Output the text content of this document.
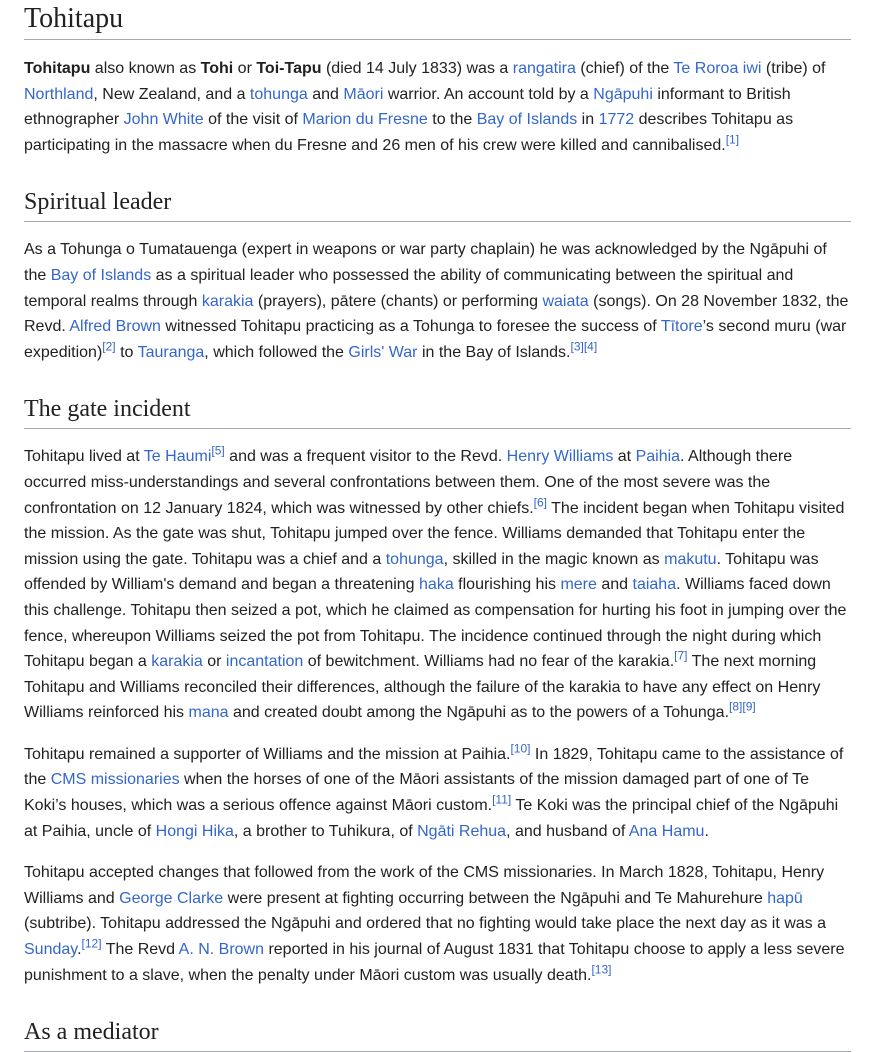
Tohitapu

Tohitapu also known as Tohi or Toi-Tapu (died 14 July 1833) was a rangatira (chief) of the Te Roroa iwi (tribe) of Northland, New Zealand, and a tohunga and Māori warrior. An account told by a Ngāpuhi informant to British ethnographer John White of the visit of Marion du Fresne to the Bay of Islands in 1772 describes Tohitapu as participating in the massacre when du Fresne and 26 men of his crew were killed and cannibalised.[1]

Spiritual leader

As a Tohunga o Tumatauenga (expert in weapons or war party chaplain) he was acknowledged by the Ngāpuhi of the Bay of Islands as a spiritual leader who possessed the ability of communicating between the spiritual and temporal realms through karakia (prayers), pātere (chants) or performing waiata (songs). On 28 November 1832, the Revd. Alfred Brown witnessed Tohitapu practicing as a Tohunga to foresee the success of Tītore’s second muru (war expedition)[2] to Tauranga, which followed the Girls' War in the Bay of Islands.[3][4]

The gate incident

Tohitapu lived at Te Haumi[5] and was a frequent visitor to the Revd. Henry Williams at Paihia. Although there occurred miss-understandings and several confrontations between them. One of the most severe was the confrontation on 12 January 1824, which was witnessed by other chiefs.[6] The incident began when Tohitapu visited the mission. As the gate was shut, Tohitapu jumped over the fence. Williams demanded that Tohitapu enter the mission using the gate. Tohitapu was a chief and a tohunga, skilled in the magic known as makutu. Tohitapu was offended by William's demand and began a threatening haka flourishing his mere and taiaha. Williams faced down this challenge. Tohitapu then seized a pot, which he claimed as compensation for hurting his foot in jumping over the fence, whereupon Williams seized the pot from Tohitapu. The incidence continued through the night during which Tohitapu began a karakia or incantation of bewitchment. Williams had no fear of the karakia.[7] The next morning Tohitapu and Williams reconciled their differences, although the failure of the karakia to have any effect on Henry Williams reinforced his mana and created doubt among the Ngāpuhi as to the powers of a Tohunga.[8][9]

Tohitapu remained a supporter of Williams and the mission at Paihia.[10] In 1829, Tohitapu came to the assistance of the CMS missionaries when the horses of one of the Māori assistants of the mission damaged part of one of Te Koki’s houses, which was a serious offence against Māori custom.[11] Te Koki was the principal chief of the Ngāpuhi at Paihia, uncle of Hongi Hika, a brother to Tuhikura, of Ngāti Rehua, and husband of Ana Hamu.

Tohitapu accepted changes that followed from the work of the CMS missionaries. In March 1828, Tohitapu, Henry Williams and George Clarke were present at fighting occurring between the Ngāpuhi and Te Mahurehure hapū (subtribe). Tohitapu addressed the Ngāpuhi and ordered that no fighting would take place the next day as it was a Sunday.[12] The Revd A. N. Brown reported in his journal of August 1831 that Tohitapu choose to apply a less severe punishment to a slave, when the penalty under Māori custom was usually death.[13]

As a mediator
